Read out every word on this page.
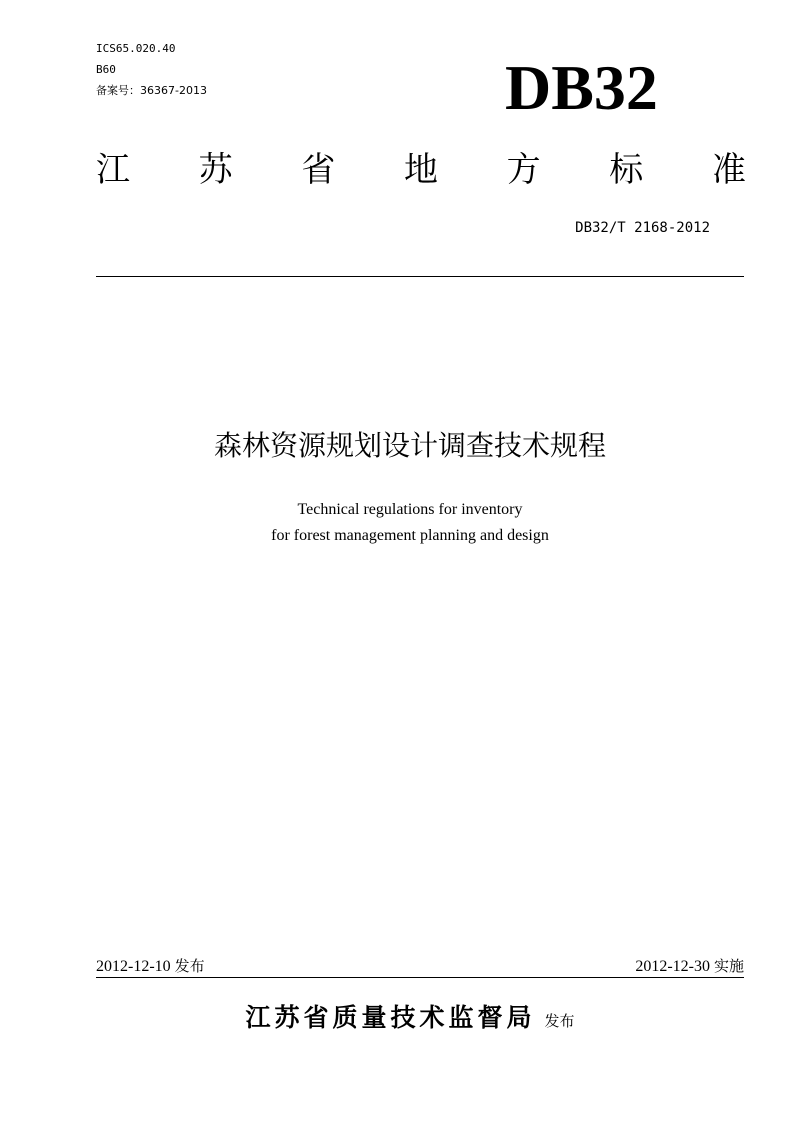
ICS65.020.40
B60
备案号：36367-2013	DB32
江 苏 省 地 方 标 准
DB32/T 2168-2012
森林资源规划设计调查技术规程
Technical regulations for inventory
for forest management planning and design
2012-12-10 发布	2012-12-30 实施
江苏省质量技术监督局 发布
